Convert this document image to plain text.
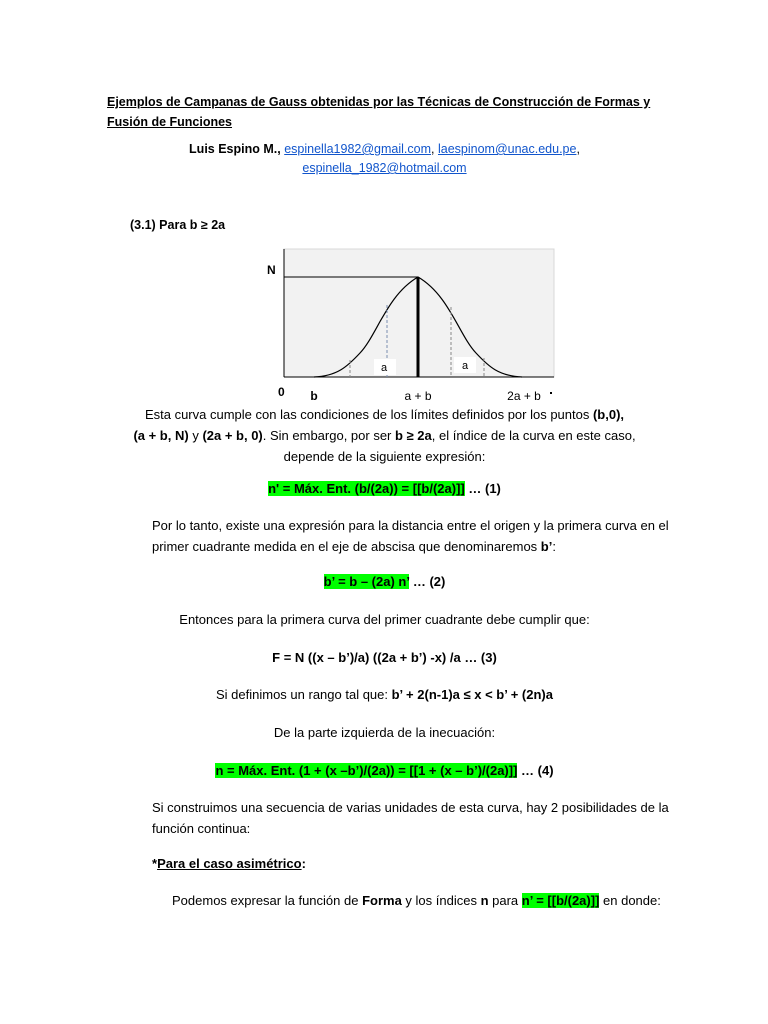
Ejemplos de Campanas de Gauss obtenidas por las Técnicas de Construcción de Formas y Fusión de Funciones
Luis Espino M., espinella1982@gmail.com, laespinom@unac.edu.pe,
espinella_1982@hotmail.com
(3.1) Para b ≥ 2a
a	a
N
0 b	a + b	2a + b
Esta curva cumple con las condiciones de los límites definidos por los puntos (b,0),
(a + b, N) y (2a + b, 0). Sin embargo, por ser b ≥ 2a, el índice de la curva en este caso,
depende de la siguiente expresión:
n' = Máx. Ent. (b/(2a)) = [[b/(2a)]] … (1)
Por lo tanto, existe una expresión para la distancia entre el origen y la primera curva en el primer cuadrante medida en el eje de abscisa que denominaremos b’:
b’ = b – (2a) n’ … (2)
Entonces para la primera curva del primer cuadrante debe cumplir que:
F = N ((x – b’)/a) ((2a + b’) -x) /a … (3)
Si definimos un rango tal que: b’ + 2(n-1)a ≤ x < b’ + (2n)a
De la parte izquierda de la inecuación:
n = Máx. Ent. (1 + (x –b’)/(2a)) = [[1 + (x – b’)/(2a)]] … (4)
Si construimos una secuencia de varias unidades de esta curva, hay 2 posibilidades de la función continua:
*Para el caso asimétrico:
Podemos expresar la función de Forma y los índices n para n’ = [[b/(2a)]] en donde:
